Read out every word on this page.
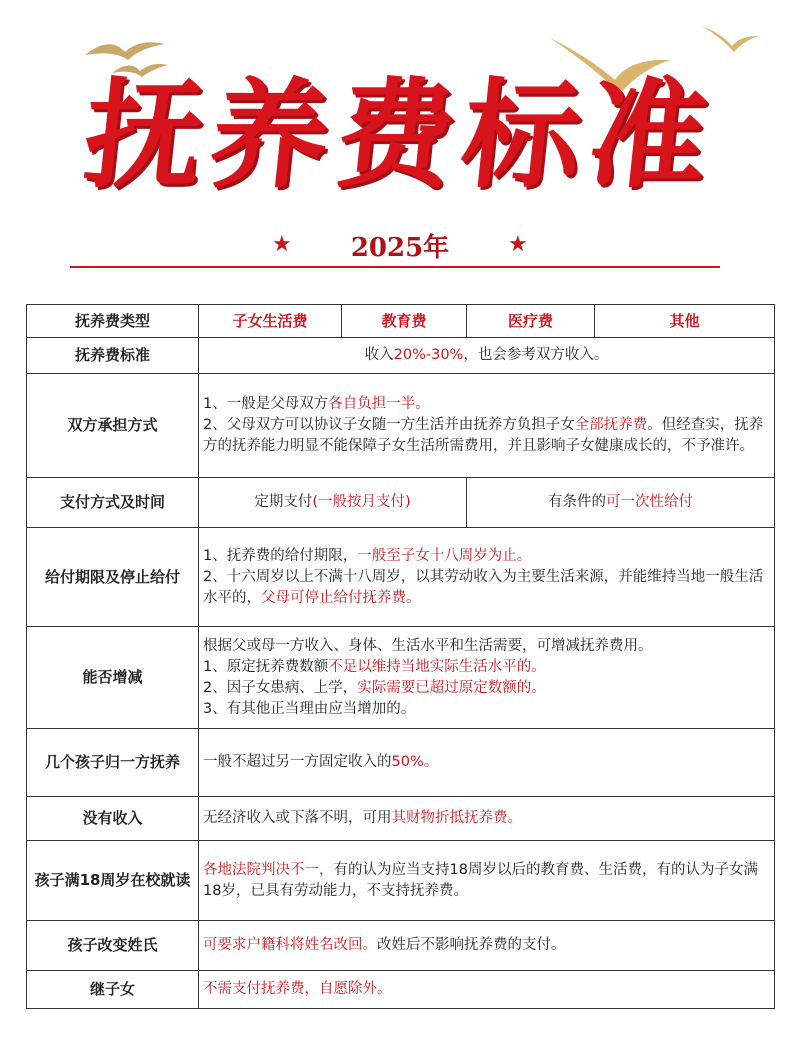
抚养费标准
★	2025年	★
抚养费类型	子女生活费	教育费	医疗费	其他
抚养费标准	收入20%-30%，也会参考双方收入。			
双方承担方式	1、一般是父母双方各自负担一半。
2、父母双方可以协议子女随一方生活并由抚养方负担子女全部抚养费。但经查实，抚养方的抚养能力明显不能保障子女生活所需费用，并且影响子女健康成长的，不予准许。			

支付方式及时间	定期支付(一般按月支付)		有条件的可一次性给付	
给付期限及停止给付	1、抚养费的给付期限，一般至子女十八周岁为止。
2、十六周岁以上不满十八周岁，以其劳动收入为主要生活来源，并能维持当地一般生活水平的，父母可停止给付抚养费。			

能否增减	根据父或母一方收入、身体、生活水平和生活需要，可增减抚养费用。
1、原定抚养费数额不足以维持当地实际生活水平的。
2、因子女患病、上学，实际需要已超过原定数额的。
3、有其他正当理由应当增加的。			

几个孩子归一方抚养	一般不超过另一方固定收入的50%。			
没有收入	无经济收入或下落不明，可用其财物折抵抚养费。			
孩子满18周岁在校就读	各地法院判决不一，有的认为应当支持18周岁以后的教育费、生活费，有的认为子女满18岁，已具有劳动能力，不支持抚养费。			
孩子改变姓氏	可要求户籍科将姓名改回。改姓后不影响抚养费的支付。			
继子女	不需支付抚养费，自愿除外。			
